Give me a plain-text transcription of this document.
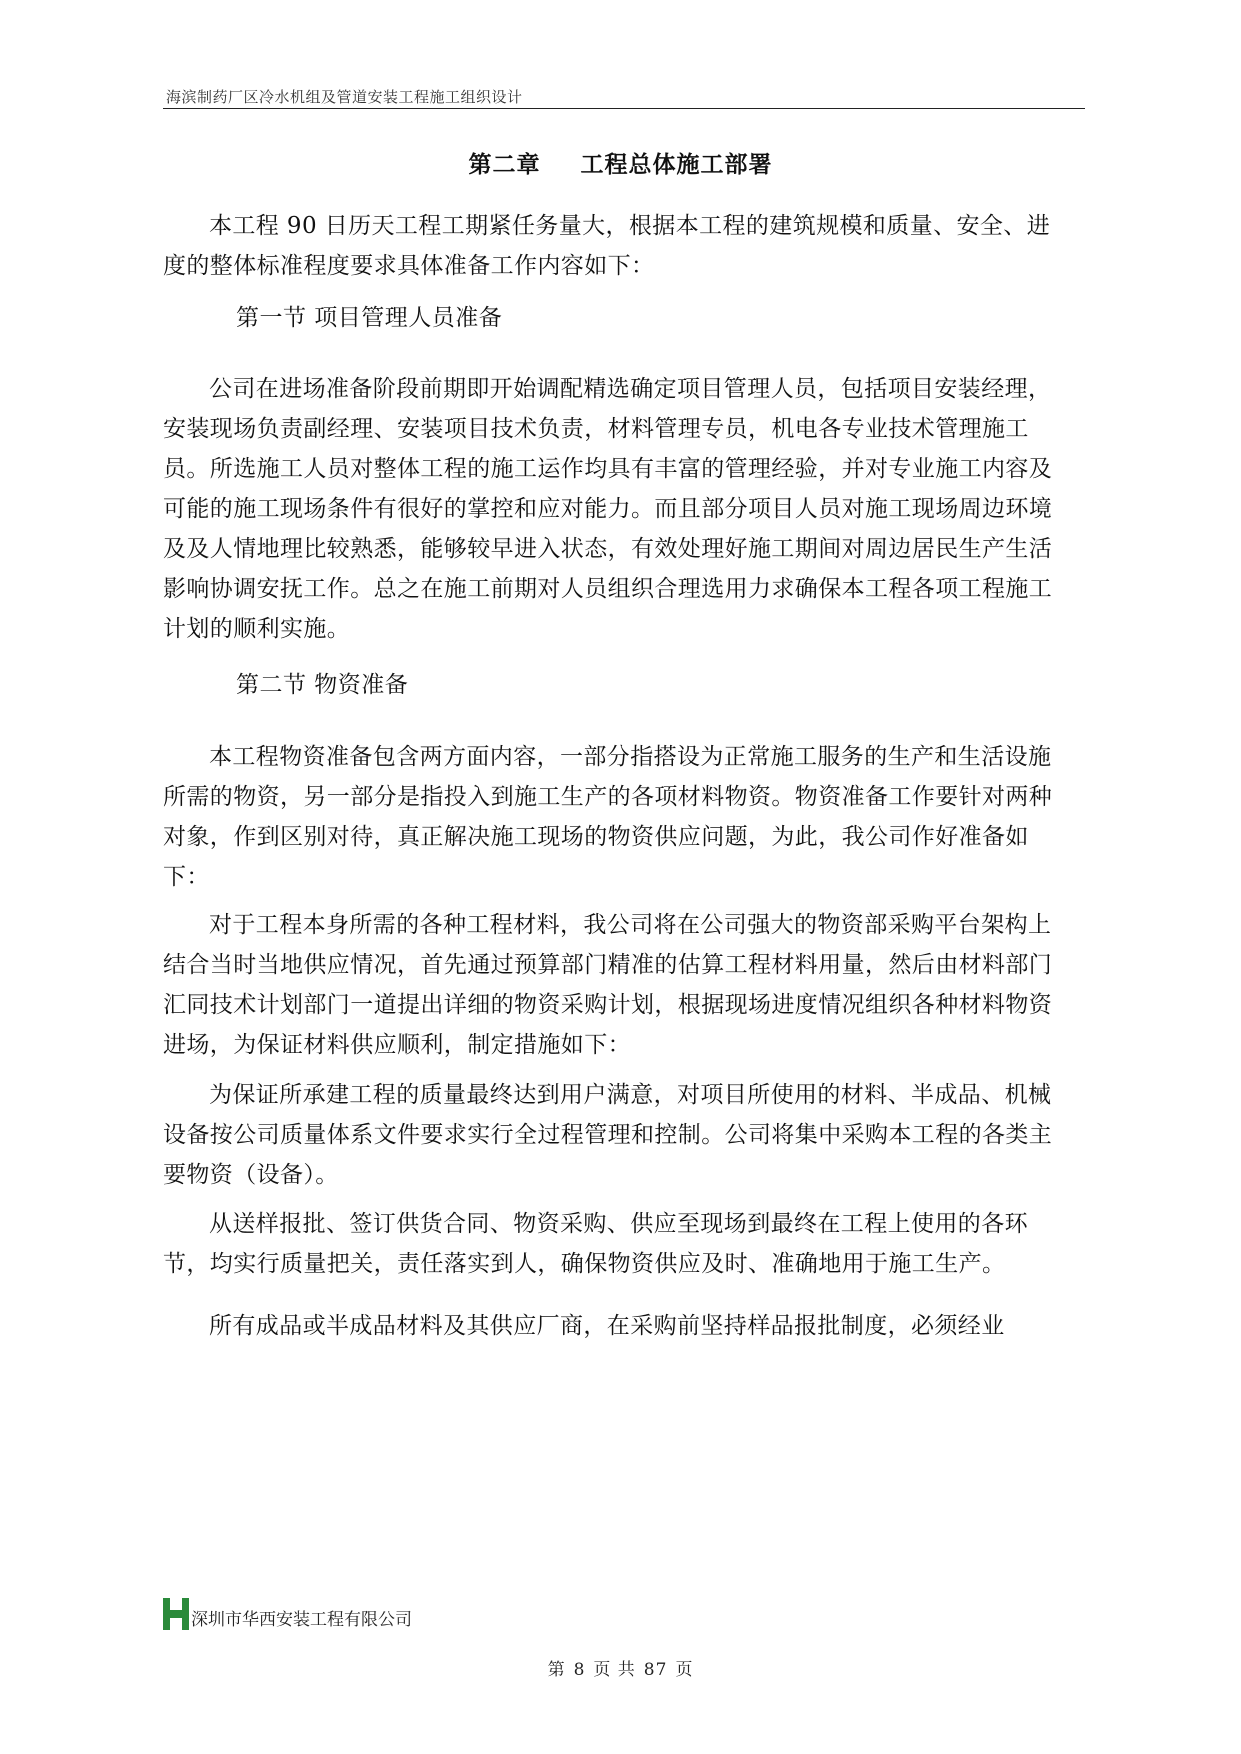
海滨制药厂区冷水机组及管道安装工程施工组织设计
第二章 工程总体施工部署

本工程 90 日历天工程工期紧任务量大，根据本工程的建筑规模和质量、安全、进度的整体标准程度要求具体准备工作内容如下：

第一节 项目管理人员准备

公司在进场准备阶段前期即开始调配精选确定项目管理人员，包括项目安装经理，安装现场负责副经理、安装项目技术负责，材料管理专员，机电各专业技术管理施工员。所选施工人员对整体工程的施工运作均具有丰富的管理经验，并对专业施工内容及可能的施工现场条件有很好的掌控和应对能力。而且部分项目人员对施工现场周边环境及及人情地理比较熟悉，能够较早进入状态，有效处理好施工期间对周边居民生产生活影响协调安抚工作。总之在施工前期对人员组织合理选用力求确保本工程各项工程施工计划的顺利实施。

第二节 物资准备

本工程物资准备包含两方面内容，一部分指搭设为正常施工服务的生产和生活设施所需的物资，另一部分是指投入到施工生产的各项材料物资。物资准备工作要针对两种对象，作到区别对待，真正解决施工现场的物资供应问题，为此，我公司作好准备如下：

对于工程本身所需的各种工程材料，我公司将在公司强大的物资部采购平台架构上结合当时当地供应情况，首先通过预算部门精准的估算工程材料用量，然后由材料部门汇同技术计划部门一道提出详细的物资采购计划，根据现场进度情况组织各种材料物资进场，为保证材料供应顺利，制定措施如下：

为保证所承建工程的质量最终达到用户满意，对项目所使用的材料、半成品、机械设备按公司质量体系文件要求实行全过程管理和控制。公司将集中采购本工程的各类主要物资（设备）。

从送样报批、签订供货合同、物资采购、供应至现场到最终在工程上使用的各环节，均实行质量把关，责任落实到人，确保物资供应及时、准确地用于施工生产。

所有成品或半成品材料及其供应厂商，在采购前坚持样品报批制度，必须经业

深圳市华西安装工程有限公司
第 8 页 共 87 页
